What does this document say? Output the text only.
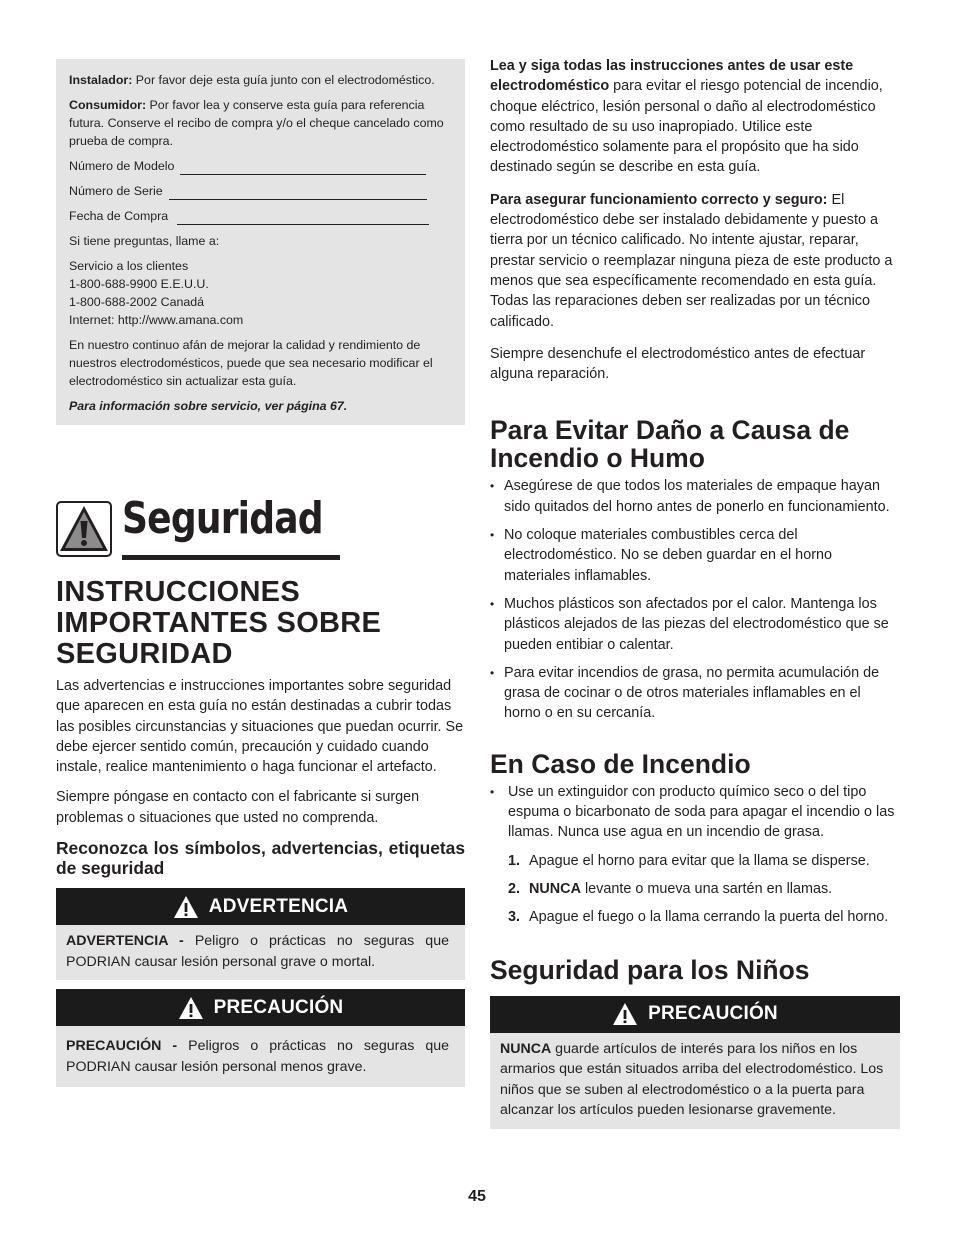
Instalador: Por favor deje esta guía junto con el electrodoméstico.

Consumidor: Por favor lea y conserve esta guía para referencia futura. Conserve el recibo de compra y/o el cheque cancelado como prueba de compra.

Número de Modelo
Número de Serie
Fecha de Compra

Si tiene preguntas, llame a:

Servicio a los clientes
1-800-688-9900 E.E.U.U.
1-800-688-2002 Canadá
Internet: http://www.amana.com

En nuestro continuo afán de mejorar la calidad y rendimiento de nuestros electrodomésticos, puede que sea necesario modificar el electrodoméstico sin actualizar esta guía.

Para información sobre servicio, ver página 67.

Seguridad
INSTRUCCIONES IMPORTANTES SOBRE SEGURIDAD

Las advertencias e instrucciones importantes sobre seguridad que aparecen en esta guía no están destinadas a cubrir todas las posibles circunstancias y situaciones que puedan ocurrir. Se debe ejercer sentido común, precaución y cuidado cuando instale, realice mantenimiento o haga funcionar el artefacto.

Siempre póngase en contacto con el fabricante si surgen problemas o situaciones que usted no comprenda.

Reconozca los símbolos, advertencias, etiquetas de seguridad
ADVERTENCIA
ADVERTENCIA - Peligro o prácticas no seguras que PODRIAN causar lesión personal grave o mortal.
PRECAUCIÓN
PRECAUCIÓN - Peligros o prácticas no seguras que PODRIAN causar lesión personal menos grave.

Lea y siga todas las instrucciones antes de usar este electrodoméstico para evitar el riesgo potencial de incendio, choque eléctrico, lesión personal o daño al electrodoméstico como resultado de su uso inapropiado. Utilice este electrodoméstico solamente para el propósito que ha sido destinado según se describe en esta guía.

Para asegurar funcionamiento correcto y seguro: El electrodoméstico debe ser instalado debidamente y puesto a tierra por un técnico calificado. No intente ajustar, reparar, prestar servicio o reemplazar ninguna pieza de este producto a menos que sea específicamente recomendado en esta guía. Todas las reparaciones deben ser realizadas por un técnico calificado.

Siempre desenchufe el electrodoméstico antes de efectuar alguna reparación.

Para Evitar Daño a Causa de Incendio o Humo
• Asegúrese de que todos los materiales de empaque hayan sido quitados del horno antes de ponerlo en funcionamiento.
• No coloque materiales combustibles cerca del electrodoméstico. No se deben guardar en el horno materiales inflamables.
• Muchos plásticos son afectados por el calor. Mantenga los plásticos alejados de las piezas del electrodoméstico que se pueden entibiar o calentar.
• Para evitar incendios de grasa, no permita acumulación de grasa de cocinar o de otros materiales inflamables en el horno o en su cercanía.
En Caso de Incendio
• Use un extinguidor con producto químico seco o del tipo espuma o bicarbonato de soda para apagar el incendio o las llamas. Nunca use agua en un incendio de grasa.
1. Apague el horno para evitar que la llama se disperse.
2. NUNCA levante o mueva una sartén en llamas.
3. Apague el fuego o la llama cerrando la puerta del horno.
Seguridad para los Niños
PRECAUCIÓN
NUNCA guarde artículos de interés para los niños en los armarios que están situados arriba del electrodoméstico. Los niños que se suben al electrodoméstico o a la puerta para alcanzar los artículos pueden lesionarse gravemente.
45
